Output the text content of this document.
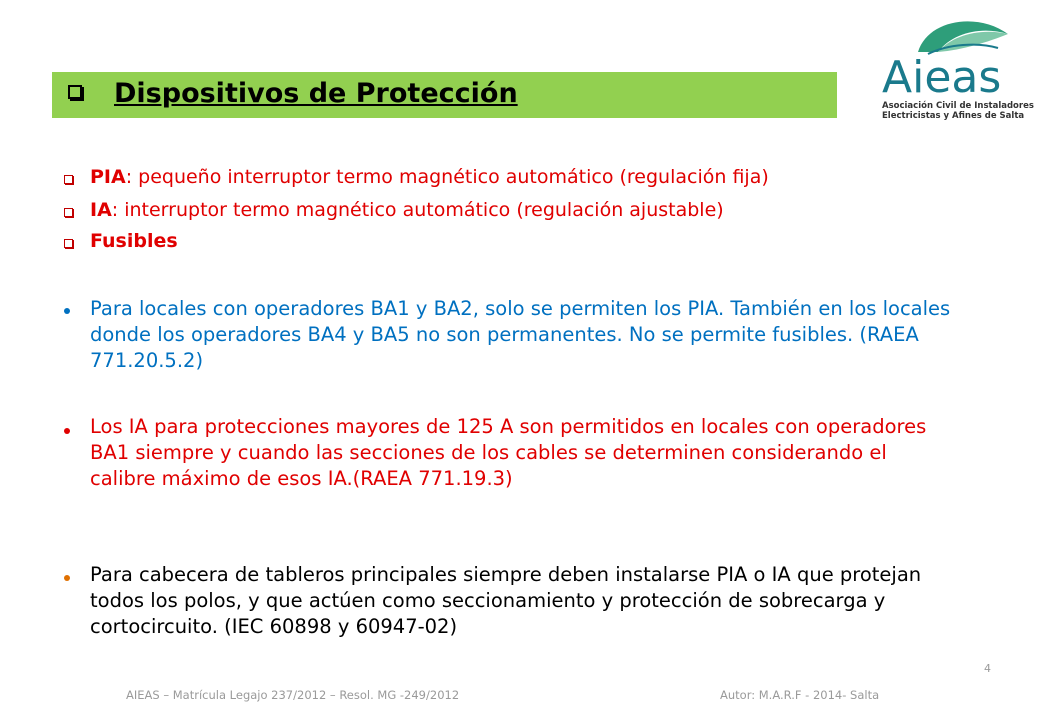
Dispositivos de Protección	Aieas
Asociación Civil de Instaladores
Electricistas y Afines de Salta
PIA: pequeño interruptor termo magnético automático (regulación fija)
IA: interruptor termo magnético automático (regulación ajustable)
Fusibles
Para locales con operadores BA1 y BA2, solo se permiten los PIA. También en los locales donde los operadores BA4 y BA5 no son permanentes. No se permite fusibles. (RAEA 771.20.5.2)
Los IA para protecciones mayores de 125 A son permitidos en locales con operadores BA1 siempre y cuando las secciones de los cables se determinen considerando el calibre máximo de esos IA.(RAEA 771.19.3)
Para cabecera de tableros principales siempre deben instalarse PIA o IA que protejan todos los polos, y que actúen como seccionamiento y protección de sobrecarga y cortocircuito. (IEC 60898 y 60947-02)
4
AIEAS – Matrícula Legajo 237/2012 – Resol. MG -249/2012	Autor: M.A.R.F - 2014- Salta
